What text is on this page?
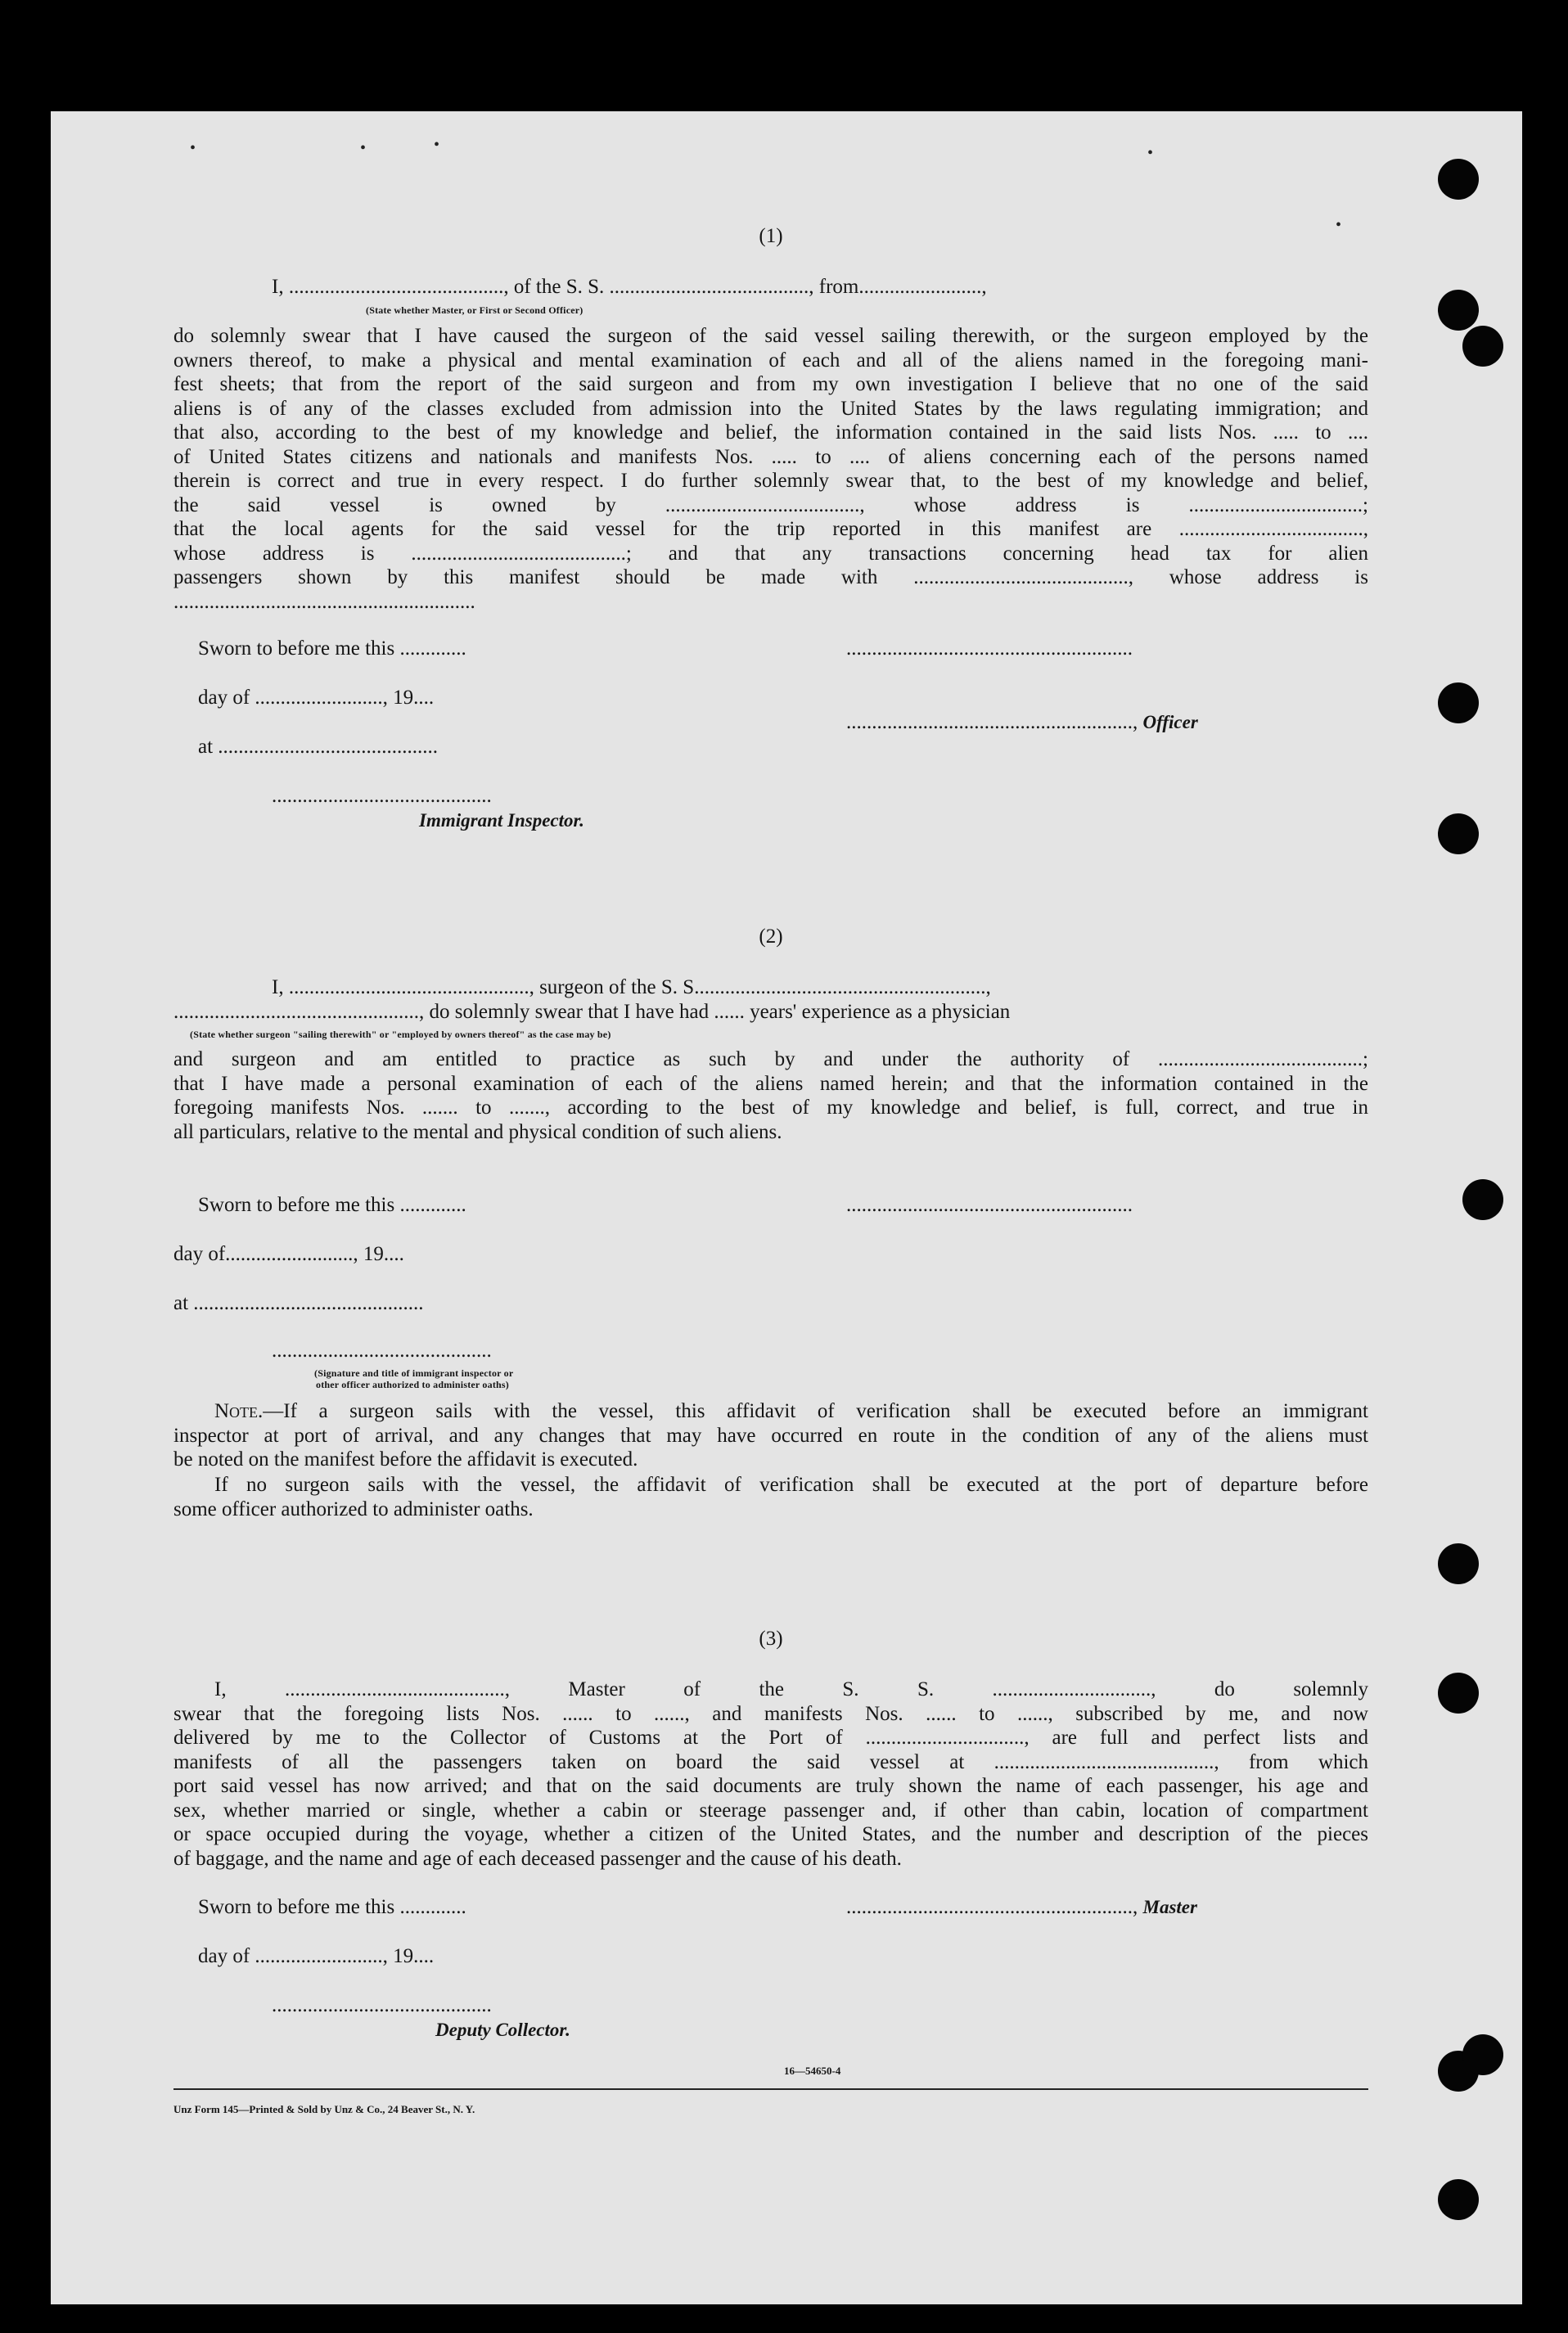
(1)
I, .........................................., of the S. S. ......................................., from........................,
(State whether Master, or First or Second Officer)
do solemnly swear that I have caused the surgeon of the said vessel sailing therewith, or the surgeon employed by the
owners thereof, to make a physical and mental examination of each and all of the aliens named in the foregoing mani-
fest sheets; that from the report of the said surgeon and from my own investigation I believe that no one of the said
aliens is of any of the classes excluded from admission into the United States by the laws regulating immigration; and
that also, according to the best of my knowledge and belief, the information contained in the said lists Nos. ..... to ....
of United States citizens and nationals and manifests Nos. ..... to .... of aliens concerning each of the persons named
therein is correct and true in every respect. I do further solemnly swear that, to the best of my knowledge and belief,
the said vessel is owned by ......................................, whose address is ..................................;
that the local agents for the said vessel for the trip reported in this manifest are ....................................,
whose address is ..........................................; and that any transactions concerning head tax for alien
passengers shown by this manifest should be made with .........................................., whose address is
...........................................................
Sworn to before me this .............	........................................................
day of ........................., 19....
........................................................, Officer
at ...........................................
...........................................
Immigrant Inspector.
(2)
I, ..............................................., surgeon of the S. S.........................................................,
................................................, do solemnly swear that I have had ...... years' experience as a physician
(State whether surgeon "sailing therewith" or "employed by owners thereof" as the case may be)
and surgeon and am entitled to practice as such by and under the authority of ........................................;
that I have made a personal examination of each of the aliens named herein; and that the information contained in the
foregoing manifests Nos. ....... to ......., according to the best of my knowledge and belief, is full, correct, and true in
all particulars, relative to the mental and physical condition of such aliens.
Sworn to before me this .............	........................................................
day of........................., 19....
at .............................................
...........................................
(Signature and title of immigrant inspector or
other officer authorized to administer oaths)
Note.—If a surgeon sails with the vessel, this affidavit of verification shall be executed before an immigrant
inspector at port of arrival, and any changes that may have occurred en route in the condition of any of the aliens must
be noted on the manifest before the affidavit is executed.
If no surgeon sails with the vessel, the affidavit of verification shall be executed at the port of departure before
some officer authorized to administer oaths.
(3)
I, ..........................................., Master of the S. S. ..............................., do solemnly
swear that the foregoing lists Nos. ...... to ......, and manifests Nos. ...... to ......, subscribed by me, and now
delivered by me to the Collector of Customs at the Port of ..............................., are full and perfect lists and
manifests of all the passengers taken on board the said vessel at ..........................................., from which
port said vessel has now arrived; and that on the said documents are truly shown the name of each passenger, his age and
sex, whether married or single, whether a cabin or steerage passenger and, if other than cabin, location of compartment
or space occupied during the voyage, whether a citizen of the United States, and the number and description of the pieces
of baggage, and the name and age of each deceased passenger and the cause of his death.
Sworn to before me this .............	........................................................, Master
day of ........................., 19....
...........................................
Deputy Collector.
16—54650-4
Unz Form 145—Printed & Sold by Unz & Co., 24 Beaver St., N. Y.
•	•	•	•
•
